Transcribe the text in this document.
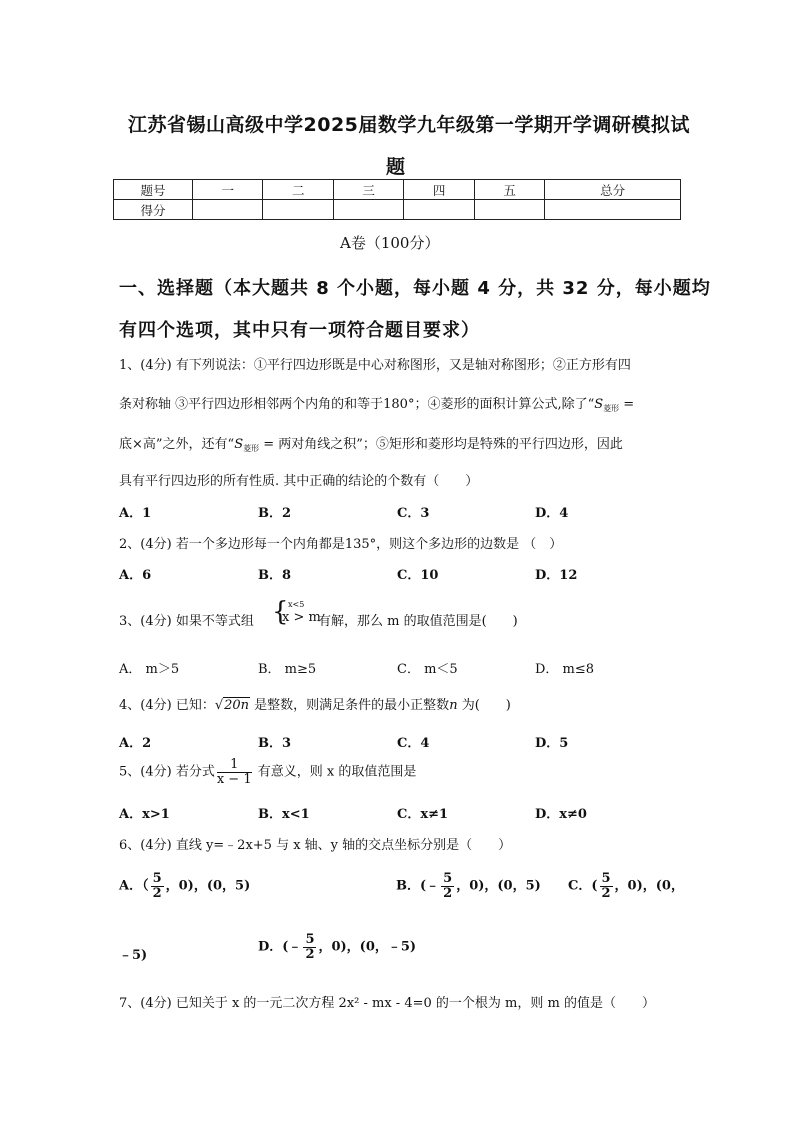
江苏省锡山高级中学2025届数学九年级第一学期开学调研模拟试
题
题号	一	二	三	四	五	总分
得分						
A卷（100分）
一、选择题（本大题共 8 个小题，每小题 4 分，共 32 分，每小题均
有四个选项，其中只有一项符合题目要求）
1、(4分) 有下列说法：①平行四边形既是中心对称图形，又是轴对称图形；②正方形有四
条对称轴 ③平行四边形相邻两个内角的和等于180°；④菱形的面积计算公式,除了“$S_{菱形}$ =
底×高”之外，还有“$S_{菱形}$ = 两对角线之积”；⑤矩形和菱形均是特殊的平行四边形，因此
具有平行四边形的所有性质. 其中正确的结论的个数有（　　）
A．1	B．2	C．3	D．4
2、(4分) 若一个多边形每一个内角都是135°，则这个多边形的边数是 （　）
A．6	B．8	C．10	D．12
3、(4分) 如果不等式组 { x<5
x > m
有解，那么 m 的取值范围是(　　)
A． m＞5	B． m≥5	C． m＜5	D． m≤8
4、(4分) 已知：√20n 是整数，则满足条件的最小正整数n 为(　　)
A．2	B．3	C．4	D．5
5、(4分) 若分式 $\frac{1}{x - 1}$ 有意义，则 x 的取值范围是
A．x>1	B．x<1	C．x≠1	D．x≠0
6、(4分) 直线 y=﹣2x+5 与 x 轴、y 轴的交点坐标分别是（　　）
A．（ $\frac{5}{2}$ ，0)，(0，5)	B．(﹣ $\frac{5}{2}$ ，0)，(0，5) C．( $\frac{5}{2}$ ，0)，(0，
﹣5)
D．(﹣ $\frac{5}{2}$ ，0)，(0，﹣5)
7、(4分) 已知关于 x 的一元二次方程 2x² - mx - 4=0 的一个根为 m，则 m 的值是（　　）
